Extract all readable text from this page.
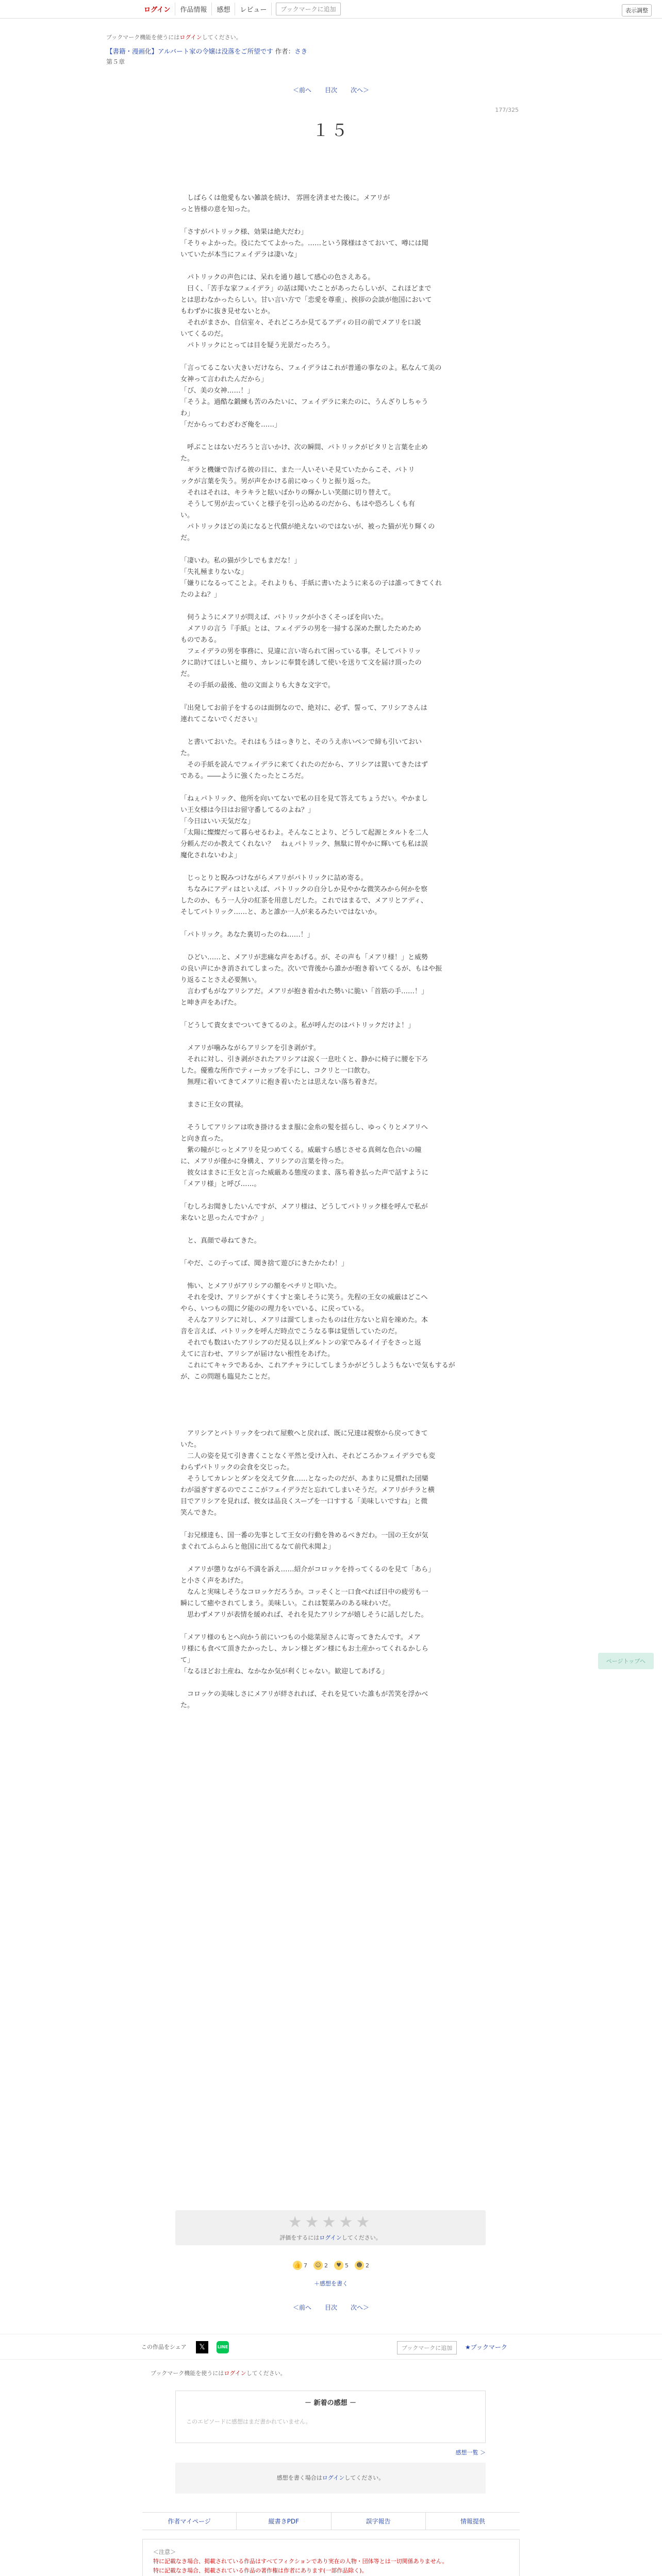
ログイン	作品情報	感想	レビュー	ブックマークに追加	表示調整
ブックマーク機能を使うにはログインしてください。
【書籍・漫画化】アルバート家の令嬢は没落をご所望です 作者：さき
第５章
＜前へ 目次 次へ＞
177/325
１５

　しばらくは他愛もない雑談を続け、 雰囲を済ませた後に。メアリが

っと皆様の意を知った。

「さすがパトリック様、効果は絶大だわ」

「そりゃよかった。役にたててよかった。……という隊様はさておいて、噂には聞

いていたが本当にフェイデラは凄いな」

　パトリックの声色には、呆れを通り越して感心の色さえある。

　曰く、「苦手な家フェイデラ」の話は聞いたことがあったらしいが、これほどまで

とは思わなかったらしい。甘い言い方で「恋愛を尊重」、挨拶の会談が他国において

もわずかに抜き見せないとか。

　それがまさか、自信室々、それどころか見てるアディの目の前でメアリを口説

いてくるのだ。

　パトリックにとっては目を疑う光景だったろう。

「言ってるこない大きいだけなら、フェイデラはこれが普通の事なのよ。私なんて美の

女神って言われたんだから」

「び、美の女神……！」

「そうよ。過酷な鍛練も苦のみたいに、フェイデラに来たのに、うんざりしちゃう

わ」

「だからってわざわざ俺を……」

　呼ぶことはないだろうと言いかけ、次の瞬間、パトリックがピタリと言葉を止め

た。

　ギラと機嫌で告げる彼の目に、また一人いそいそ見ていたからこそ、パトリ

ックが言葉を失う。男が声をかける前にゆっくりと振り返った。

　それはそれは、キラキラと眩いばかりの輝かしい笑顔に切り替えて。

　そうして男が去っていくと様子を引っ込めるのだから、もはや恐ろしくも有

い。

　パトリックほどの美になると代償が絶えないのではないが、被った猫が光り輝くの

だ。

「凄いわ。私の猫が少しでもまだな！」

「失礼極まりないな」

「嫌りになるってことよ。それよりも、手紙に書いたように来るの子は誰ってきてくれ

たのよね？」

　伺うようにメアリが問えば、パトリックが小さくそっぽを向いた。

　メアリの言う『手紙』とは、フェイデラの男を一掃する深めた獣したためため

ものである。

　フェイデラの男を事務に、見違に言い寄られて困っている事。そしてパトリッ

クに助けてほしいと綴り、カレンに奉賛を誘して使いを送りて文を届け頂ったの

だ。

　その手紙の最後、他の文面よりも大きな文字で。

『出発してお前子をするのは面倒なので、絶対に、必ず、誓って、アリシアさんは

連れてこないでください』

　と書いておいた。それはもうはっきりと、そのうえ赤いペンで締も引いておい

た。

　その手紙を読んでフェイデラに来てくれたのだから、アリシアは置いてきたはず

である。――ように強くたったところだ。

「ねぇパトリック、他所を向いてないで私の目を見て答えてちょうだい。やかまし

い王女様は今日はお留守番してるのよね？」

「今日はいい天気だな」

「太陽に燦燦だって暮らせるわよ。そんなことより、どうして起源とタルトを二人

分頼んだのか教えてくれない？　ねぇパトリック、無駄に胃やかに輝いても私は誤

魔化されないわよ」

　じっとりと睨みつけながらメアリがパトリックに詰め寄る。

　ちなみにアディはといえば、パトリックの自分しか見やかな微笑みから何かを察

したのか、もう一人分の紅茶を用意しだした。これではまるで、メアリとアディ、

そしてパトリック……と、あと誰か一人が来るみたいではないか。

「パトリック。あなた裏切ったのね……！」

　ひどい……と、メアリが悲痛な声をあげる。が、その声も「メアリ様！」と威勢

の良い声にかき消されてしまった。次いで背後から誰かが抱き着いてくるが、もはや振

り返ることさえ必要無い。

　言わずもがなアリシアだ。メアリが抱き着かれた勢いに脆い「首筋の手……！」

と呻き声をあげた。

「どうして貴女までついてきてるのよ。私が呼んだのはパトリックだけよ！」

　メアリが噛みながらアリシアを引き剥がす。

　それに対し、引き剥がされたアリシアは涙く一息吐くと、静かに椅子に腰を下ろ

した。優雅な所作でティーカップを手にし、コクリと一口飲む。

　無理に着いてきてメアリに抱き着いたとは思えない落ち着きだ。

　まさに王女の貫禄。

　そうしてアリシアは吹き掛けるまま服に金糸の髪を揺らし、ゆっくりとメアリへ

と向き直った。

　紫の瞳がじっとメアリを見つめてくる。威厳すら感じさせる真剣な色合いの瞳

に、メアリが僅かに身構え、アリシアの言葉を待った。

　彼女はまさに王女と言った威厳ある態度のまま、落ち着き払った声で話すように

「メアリ様」と呼び……。

「むしろお聞きしたいんですが、メアリ様は、どうしてパトリック様を呼んで私が

来ないと思ったんですか？」

　と、真顔で尋ねてきた。

「やだ、この子ってば、聞き捨て遊びにきたかたわ！」

　怖い、とメアリがアリシアの額をペチリと叩いた。

　それを受け、アリシアがくすくすと楽しそうに笑う。先程の王女の威厳はどこへ

やら、いつもの間に夕能のの理力をいでいる、に戻っている。

　そんなアリシアに対し、メアリは溜てしまったものは仕方ないと肩を竦めた。本

音を言えば、パトリックを呼んだ時点でこうなる事は覚悟していたのだ。

　それでも数はいたアリシアのだ見る以上ダルトンの家でみるイイ子をさっと返

えてに言わせ、アリシアが届けない根性をあげた。

　これにてキャラであるか、これアチャラにしてしまうかがどうしようもないで気もするが

が、この問題も臨見たことだ。

　アリシアとパトリックをつれて屋敷へと戻れば、既に兄達は視察から戻ってきて

いた。

　二人の姿を見て引き書くことなく平然と受け入れ、それどころかフェイデラでも変

わらずパトリックの会食を交じった。

　そうしてカレンとダンを交えて夕食……となったのだが、あまりに見慣れた団欒

わが溢ぎすぎるのでこここがフェイデラだと忘れてしまいそうだ。メアリがチラと横

目でアリシアを見れば、彼女は品良くスープを一口すする「美味しいですね」と微

笑んできた。

「お兄様達も、国一番の先事として王女の行動を咎めるべきだわ。一国の王女が気

まぐれてふらふらと他国に出てるなて前代未聞よ」

　メアリが懲りながら不満を訴え……紹介がコロッケを持ってくるのを見て「あら」

と小さく声をあげた。

　なんと実味しそうなコロッケだろうか。コッそくと一口食べれば日中の疲労も一

瞬にして癒やされてしまう。美味しい。これは製菜みのある味わいだ。

　思わずメアリが表情を緩めれば、それを見たアリシアが嬉しそうに話しだした。

「メアリ様のもとへ向かう前にいつもの小総菜屋さんに寄ってきたんです。メア

リ様にも食べて頂きたかったし、カレン様とダン様にもお土産かってくれるかしら

て」

「なるほどお土産ね、なかなか気が利くじゃない。歓迎してあげる」

　コロッケの美味しさにメアリが絆されれば、それを見ていた誰もが苦笑を浮かべ

た。

ページトップへ
★★★★★
評価をするにはログインしてください。
👍 7 ☺ 2	♥ 5 ☻ 2
＋感想を書く
＜前へ 目次 次へ＞
この作品をシェア	𝕏	LINE	ブックマークに追加	★ブックマーク
ブックマーク機能を使うにはログインしてください。
－ 新着の感想 －
このエピソードに感想はまだ書かれていません。
感想一覧 ＞
感想を書く場合はログインしてください。
作者マイページ	縦書きPDF	誤字報告	情報提供
＜注意＞
特に記載なき場合、掲載されている作品はすべてフィクションであり実在の人物・団体等とは一切関係ありません。
特に記載なき場合、掲載されている作品の著作権は作者にあります(一部作品除く)。
